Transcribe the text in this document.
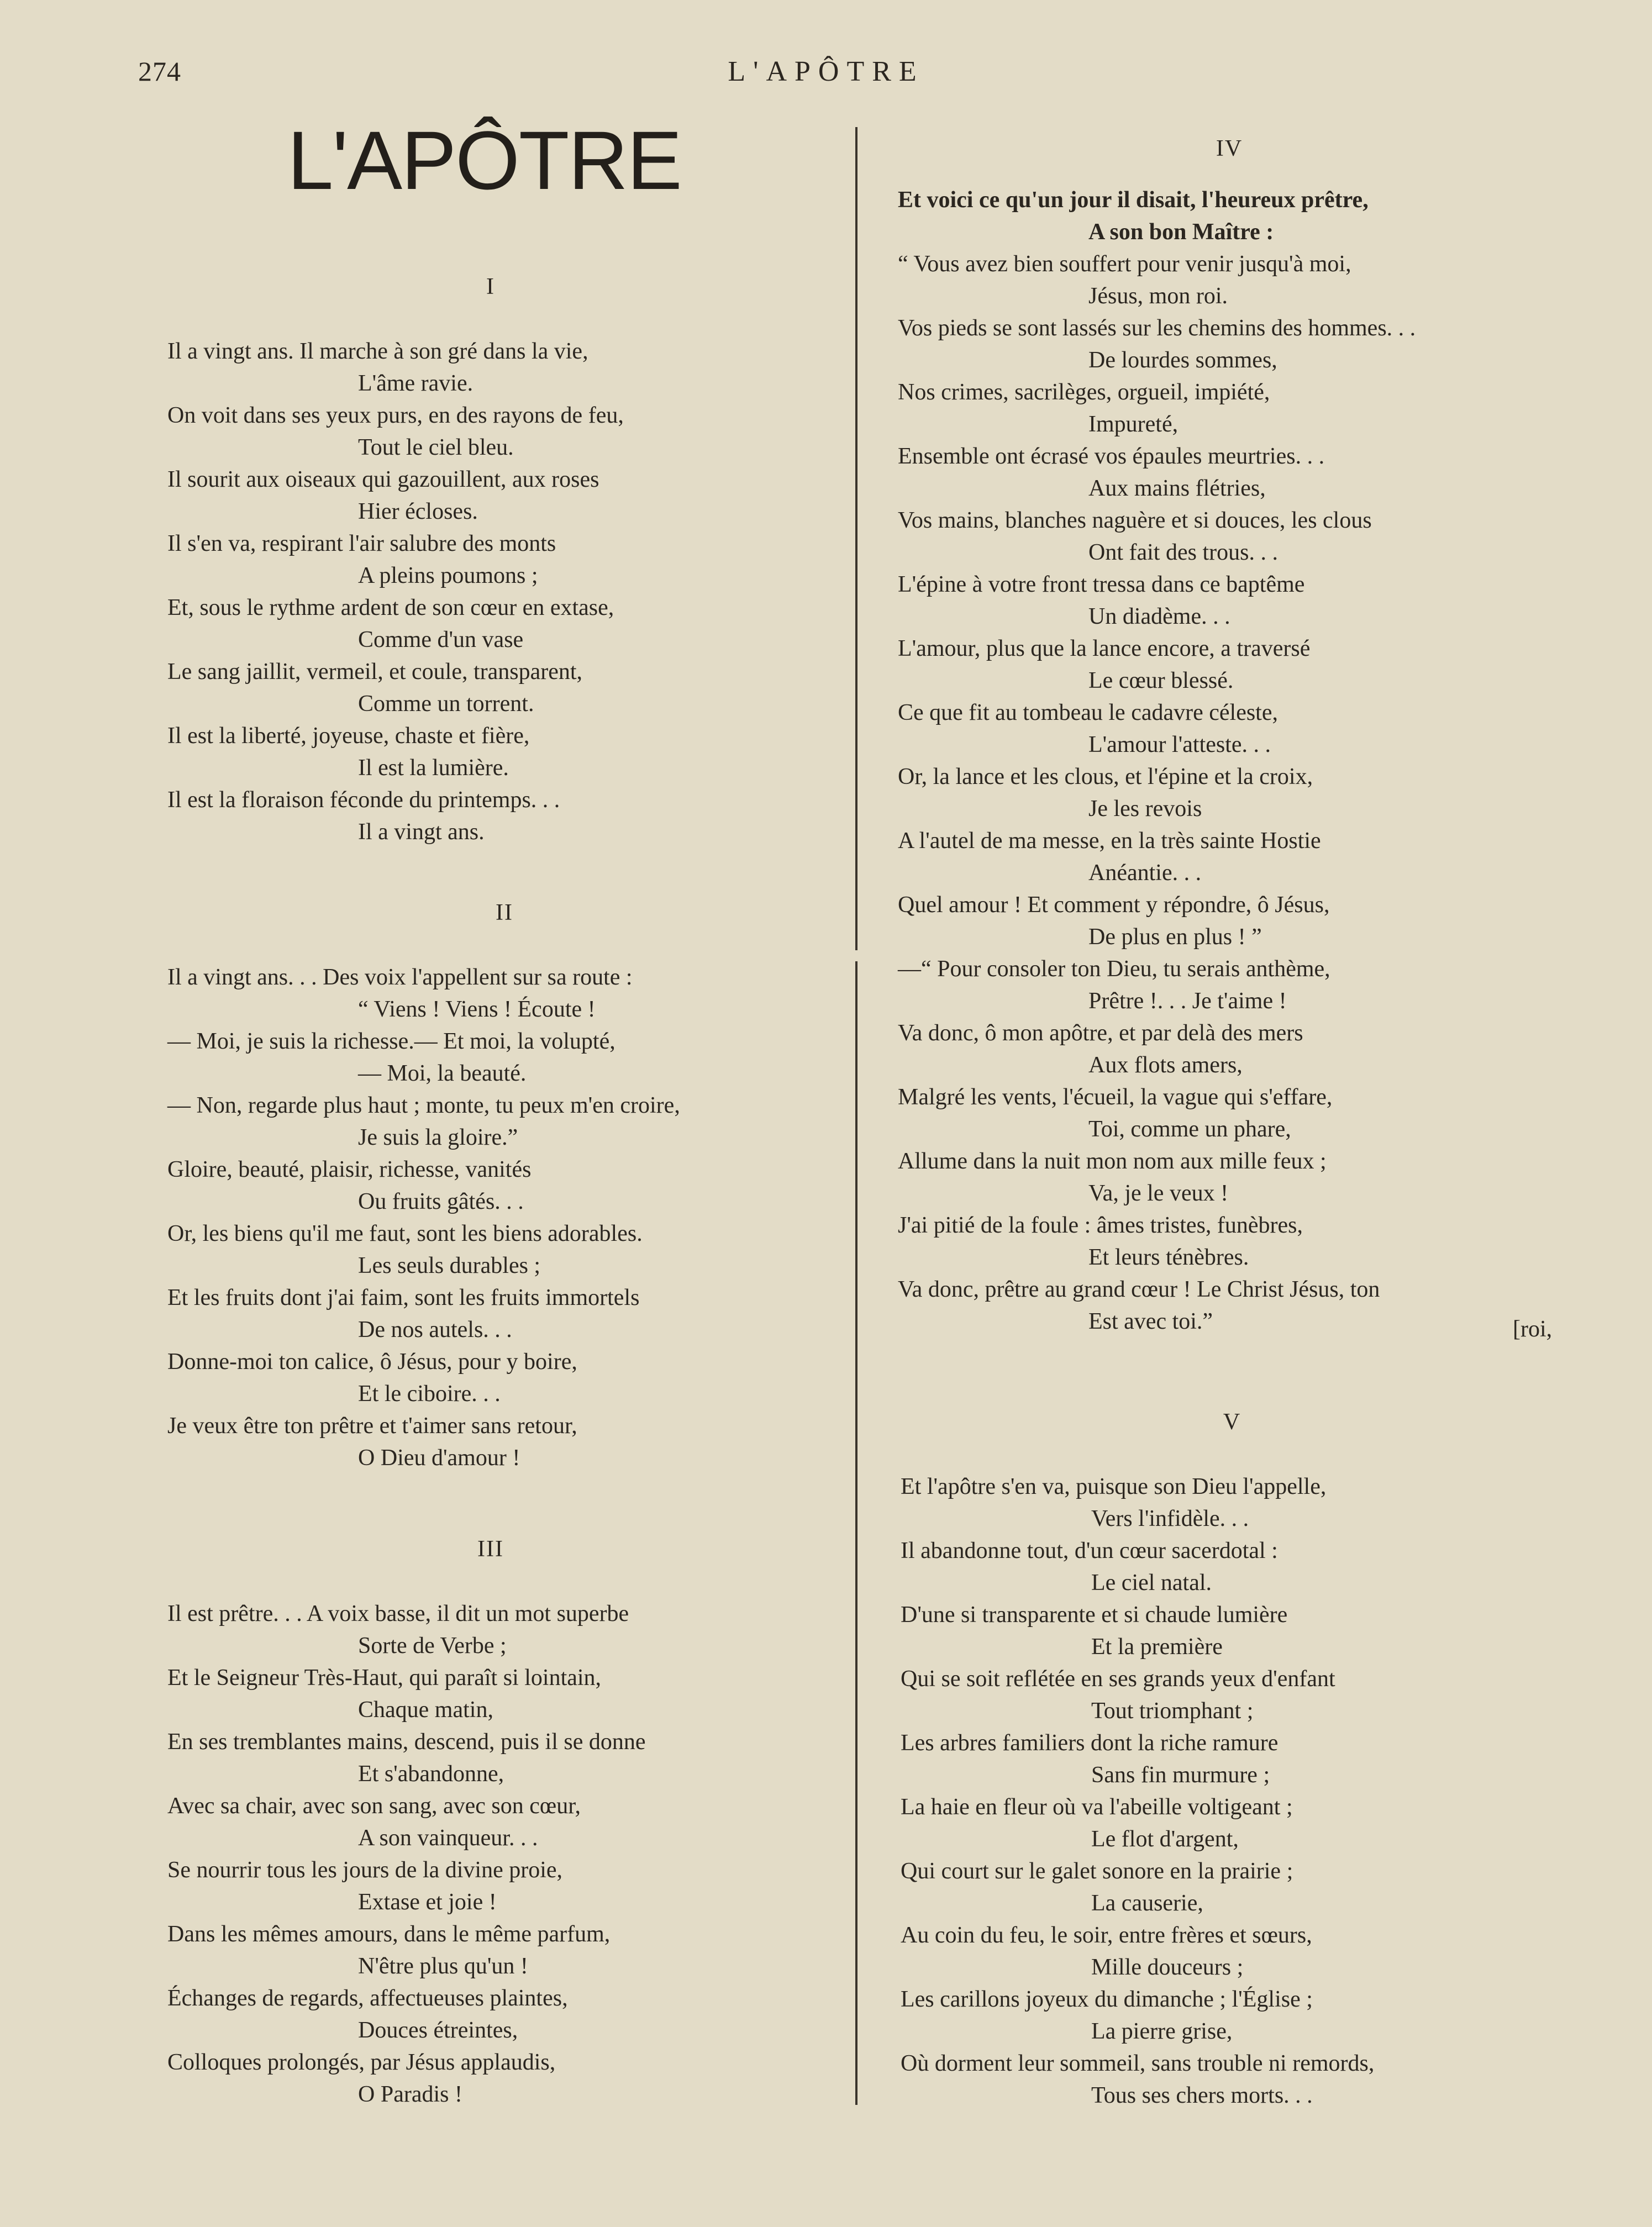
274	L'APÔTRE
L'APÔTRE
I
Il a vingt ans. Il marche à son gré dans la vie,
L'âme ravie.
On voit dans ses yeux purs, en des rayons de feu,
Tout le ciel bleu.
Il sourit aux oiseaux qui gazouillent, aux roses
Hier écloses.
Il s'en va, respirant l'air salubre des monts
A pleins poumons ;
Et, sous le rythme ardent de son cœur en extase,
Comme d'un vase
Le sang jaillit, vermeil, et coule, transparent,
Comme un torrent.
Il est la liberté, joyeuse, chaste et fière,
Il est la lumière.
Il est la floraison féconde du printemps. . .
Il a vingt ans.
II
Il a vingt ans. . . Des voix l'appellent sur sa route :
“ Viens ! Viens ! Écoute !
— Moi, je suis la richesse.— Et moi, la volupté,
— Moi, la beauté.
— Non, regarde plus haut ; monte, tu peux m'en croire,
Je suis la gloire.”
Gloire, beauté, plaisir, richesse, vanités
Ou fruits gâtés. . .
Or, les biens qu'il me faut, sont les biens adorables.
Les seuls durables ;
Et les fruits dont j'ai faim, sont les fruits immortels
De nos autels. . .
Donne-moi ton calice, ô Jésus, pour y boire,
Et le ciboire. . .
Je veux être ton prêtre et t'aimer sans retour,
O Dieu d'amour !
III
Il est prêtre. . . A voix basse, il dit un mot superbe
Sorte de Verbe ;
Et le Seigneur Très-Haut, qui paraît si lointain,
Chaque matin,
En ses tremblantes mains, descend, puis il se donne
Et s'abandonne,
Avec sa chair, avec son sang, avec son cœur,
A son vainqueur. . .
Se nourrir tous les jours de la divine proie,
Extase et joie !
Dans les mêmes amours, dans le même parfum,
N'être plus qu'un !
Échanges de regards, affectueuses plaintes,
Douces étreintes,
Colloques prolongés, par Jésus applaudis,
O Paradis !
IV
Et voici ce qu'un jour il disait, l'heureux prêtre,
A son bon Maître :
“ Vous avez bien souffert pour venir jusqu'à moi,
Jésus, mon roi.
Vos pieds se sont lassés sur les chemins des hommes. . .
De lourdes sommes,
Nos crimes, sacrilèges, orgueil, impiété,
Impureté,
Ensemble ont écrasé vos épaules meurtries. . .
Aux mains flétries,
Vos mains, blanches naguère et si douces, les clous
Ont fait des trous. . .
L'épine à votre front tressa dans ce baptême
Un diadème. . .
L'amour, plus que la lance encore, a traversé
Le cœur blessé.
Ce que fit au tombeau le cadavre céleste,
L'amour l'atteste. . .
Or, la lance et les clous, et l'épine et la croix,
Je les revois
A l'autel de ma messe, en la très sainte Hostie
Anéantie. . .
Quel amour ! Et comment y répondre, ô Jésus,
De plus en plus ! ”
—“ Pour consoler ton Dieu, tu serais anthème,
Prêtre !. . . Je t'aime !
Va donc, ô mon apôtre, et par delà des mers
Aux flots amers,
Malgré les vents, l'écueil, la vague qui s'effare,
Toi, comme un phare,
Allume dans la nuit mon nom aux mille feux ;
Va, je le veux !
J'ai pitié de la foule : âmes tristes, funèbres,
Et leurs ténèbres.
Va donc, prêtre au grand cœur ! Le Christ Jésus, ton
Est avec toi.”	[roi,
V
Et l'apôtre s'en va, puisque son Dieu l'appelle,
Vers l'infidèle. . .
Il abandonne tout, d'un cœur sacerdotal :
Le ciel natal.
D'une si transparente et si chaude lumière
Et la première
Qui se soit reflétée en ses grands yeux d'enfant
Tout triomphant ;
Les arbres familiers dont la riche ramure
Sans fin murmure ;
La haie en fleur où va l'abeille voltigeant ;
Le flot d'argent,
Qui court sur le galet sonore en la prairie ;
La causerie,
Au coin du feu, le soir, entre frères et sœurs,
Mille douceurs ;
Les carillons joyeux du dimanche ; l'Église ;
La pierre grise,
Où dorment leur sommeil, sans trouble ni remords,
Tous ses chers morts. . .
